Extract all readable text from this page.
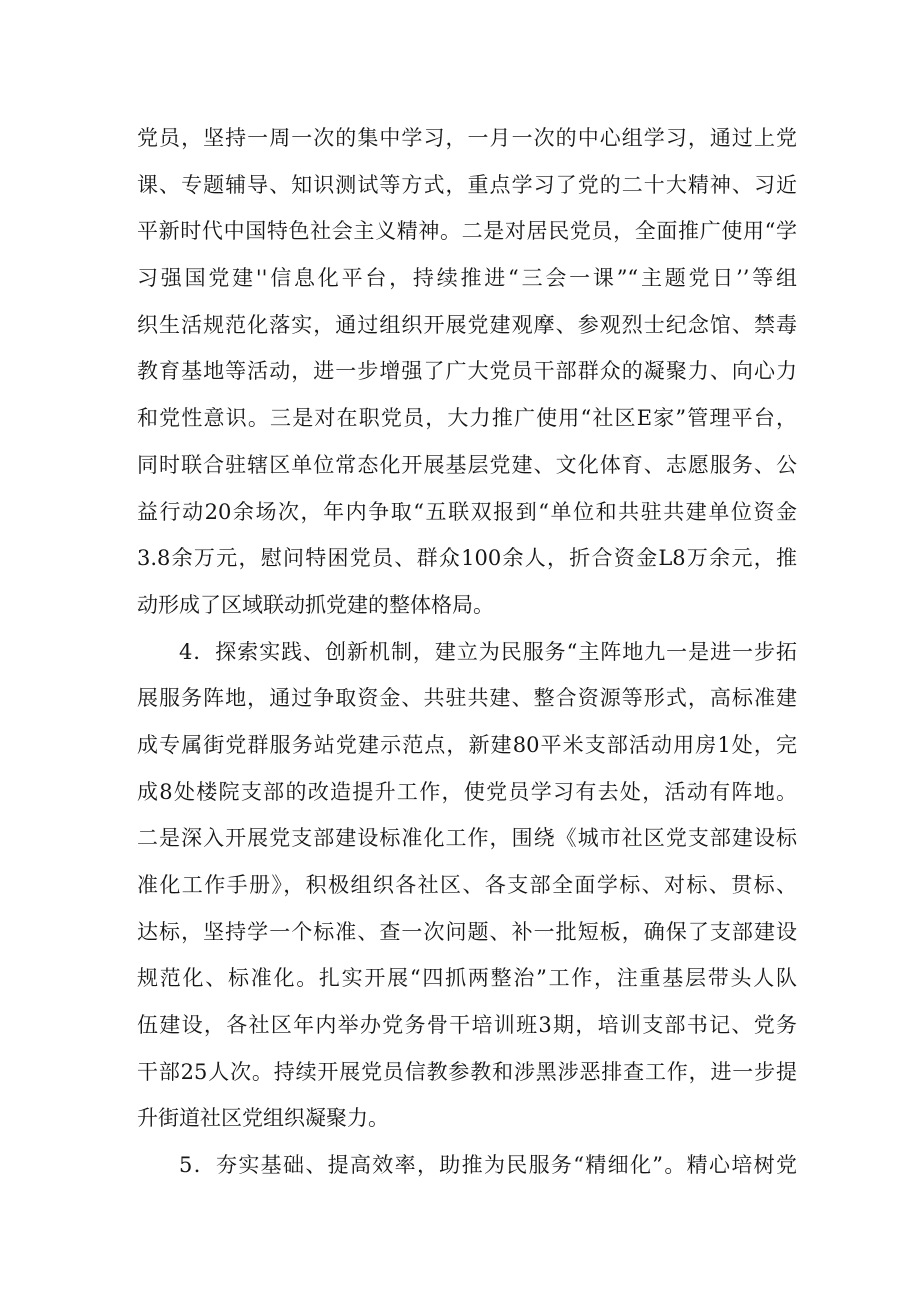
党员，坚持一周一次的集中学习，一月一次的中心组学习，通过上党
课、专题辅导、知识测试等方式，重点学习了党的二十大精神、习近
平新时代中国特色社会主义精神。二是对居民党员，全面推广使用“学
习强国党建''信息化平台，持续推进“三会一课”“主题党日’’等组
织生活规范化落实，通过组织开展党建观摩、参观烈士纪念馆、禁毒
教育基地等活动，进一步增强了广大党员干部群众的凝聚力、向心力
和党性意识。三是对在职党员，大力推广使用“社区E家”管理平台，
同时联合驻辖区单位常态化开展基层党建、文化体育、志愿服务、公
益行动20余场次，年内争取“五联双报到“单位和共驻共建单位资金
3.8余万元，慰问特困党员、群众100余人，折合资金L8万余元，推
动形成了区域联动抓党建的整体格局。
4．探索实践、创新机制，建立为民服务“主阵地九一是进一步拓
展服务阵地，通过争取资金、共驻共建、整合资源等形式，高标准建
成专属街党群服务站党建示范点，新建80平米支部活动用房1处，完
成8处楼院支部的改造提升工作，使党员学习有去处，活动有阵地。
二是深入开展党支部建设标准化工作，围绕《城市社区党支部建设标
准化工作手册》，积极组织各社区、各支部全面学标、对标、贯标、
达标，坚持学一个标准、查一次问题、补一批短板，确保了支部建设
规范化、标准化。扎实开展“四抓两整治”工作，注重基层带头人队
伍建设，各社区年内举办党务骨干培训班3期，培训支部书记、党务
干部25人次。持续开展党员信教参教和涉黑涉恶排查工作，进一步提
升街道社区党组织凝聚力。
5．夯实基础、提高效率，助推为民服务“精细化”。精心培树党
